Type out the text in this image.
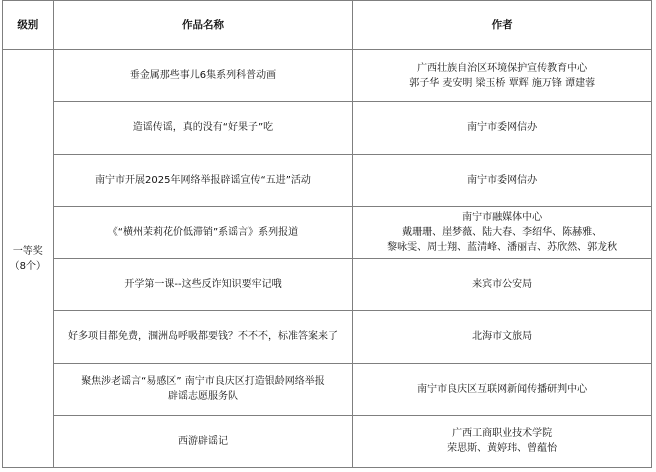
级别	作品名称	作者

一等奖
（8个）	垂金属那些事儿6集系列科普动画	广西壮族自治区环境保护宣传教育中心
郭子华 麦安明 梁玉桥 覃辉 施万锋 谭建蓉

	造谣传谣，真的没有“好果子”吃	南宁市委网信办

	南宁市开展2025年网络举报辟谣宣传“五进”活动	南宁市委网信办

	《“横州茉莉花价低滞销”系谣言》系列报道	南宁市融媒体中心
戴珊珊、崖梦薇、陆大春、李绍华、陈赫雅、
黎咏雯、周士翔、蓝清峰、潘丽吉、苏欣然、郭龙秋

	开学第一课--这些反诈知识要牢记哦	来宾市公安局

	好多项目都免费，涠洲岛呼吸都要钱？不不不，标准答案来了	北海市文旅局

	聚焦涉老谣言“易感区” 南宁市良庆区打造银龄网络举报
辟谣志愿服务队	南宁市良庆区互联网新闻传播研判中心

	西游辟谣记	广西工商职业技术学院
荣思斯、黄婷玮、曾蕴怡
